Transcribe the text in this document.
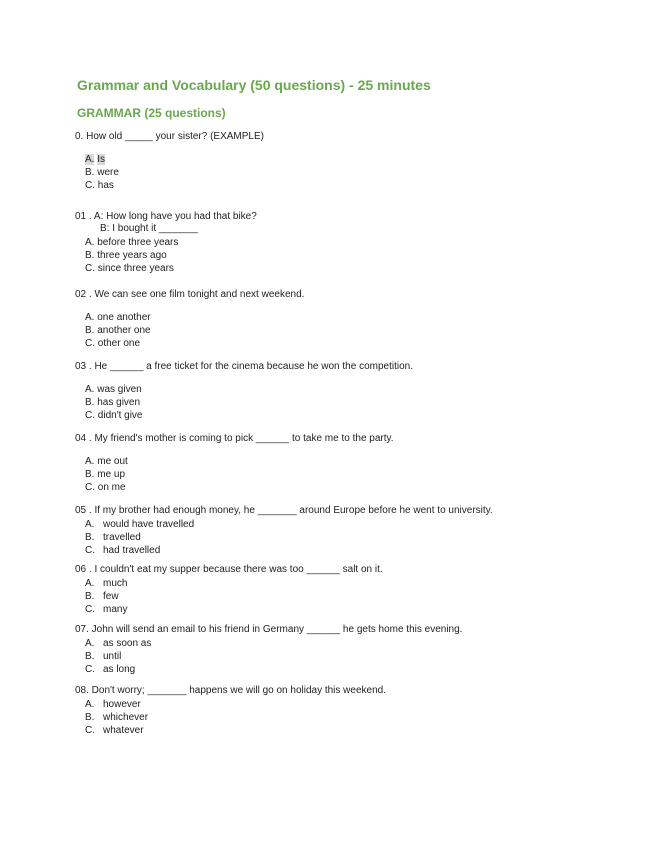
Grammar and Vocabulary (50 questions) - 25 minutes
GRAMMAR (25 questions)
0. How old _____ your sister? (EXAMPLE)
A. Is
B. were
C. has
01 . A: How long have you had that bike?
B: I bought it _______
A. before three years
B. three years ago
C. since three years
02 . We can see one film tonight and next weekend.
A. one another
B. another one
C. other one
03 . He ______ a free ticket for the cinema because he won the competition.
A. was given
B. has given
C. didn't give
04 . My friend's mother is coming to pick ______ to take me to the party.
A. me out
B. me up
C. on me
05 . If my brother had enough money, he _______ around Europe before he went to university.
A. would have travelled
B. travelled
C. had travelled
06 . I couldn't eat my supper because there was too ______ salt on it.
A. much
B. few
C. many
07. John will send an email to his friend in Germany ______ he gets home this evening.
A. as soon as
B. until
C. as long
08. Don't worry; _______ happens we will go on holiday this weekend.
A. however
B. whichever
C. whatever
